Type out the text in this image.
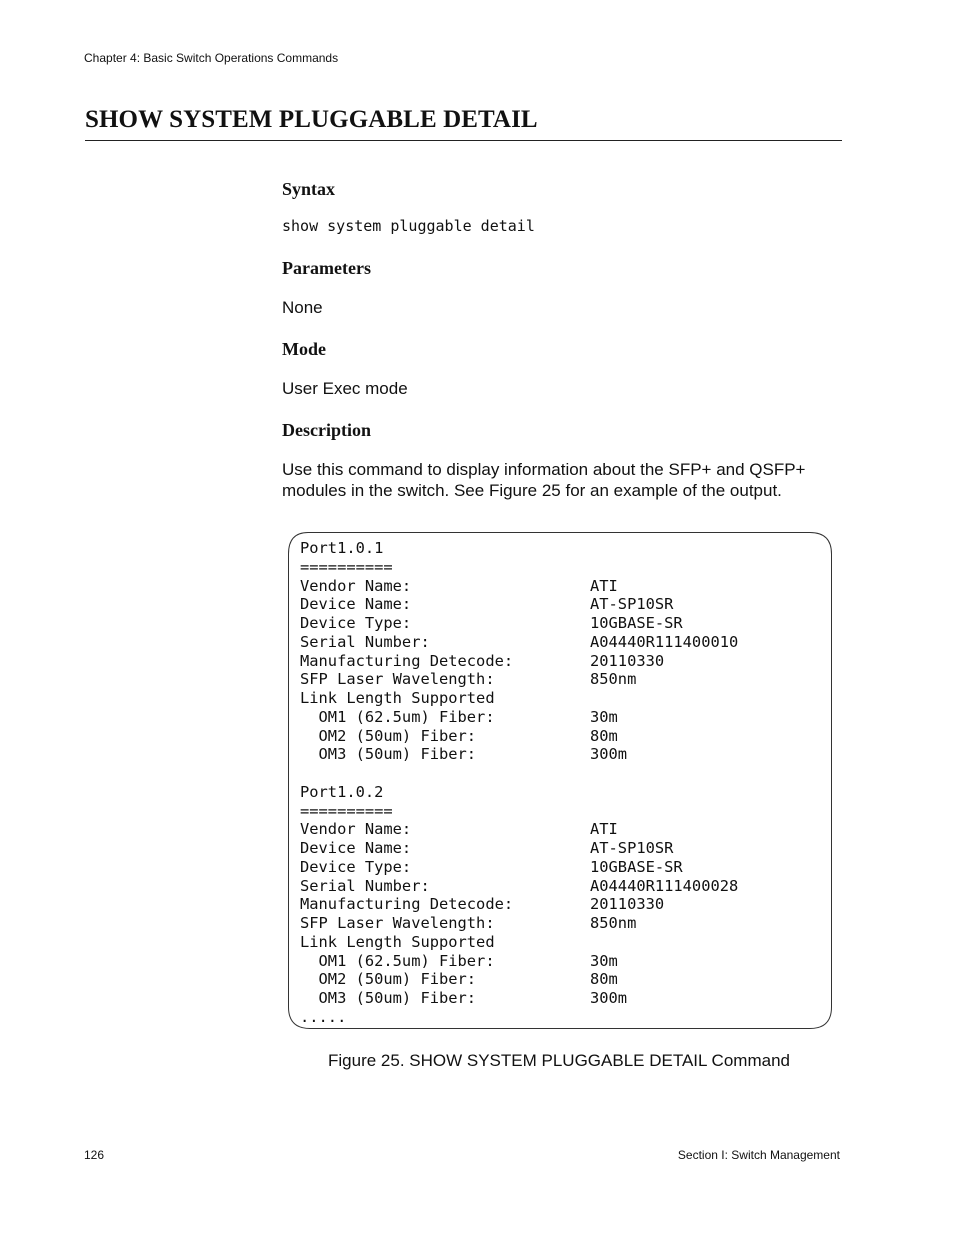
Chapter 4: Basic Switch Operations Commands
SHOW SYSTEM PLUGGABLE DETAIL
Syntax
show system pluggable detail
Parameters
None
Mode
User Exec mode
Description
Use this command to display information about the SFP+ and QSFP+
modules in the switch. See Figure 25 for an example of the output.
Port1.0.1
==========
Vendor Name:	ATI
Device Name:	AT-SP10SR
Device Type:	10GBASE-SR
Serial Number:	A04440R111400010
Manufacturing Detecode:	20110330
SFP Laser Wavelength:	850nm
Link Length Supported
OM1 (62.5um) Fiber:	30m
OM2 (50um) Fiber:	80m
OM3 (50um) Fiber:	300m
Port1.0.2
==========
Vendor Name:	ATI
Device Name:	AT-SP10SR
Device Type:	10GBASE-SR
Serial Number:	A04440R111400028
Manufacturing Detecode:	20110330
SFP Laser Wavelength:	850nm
Link Length Supported
OM1 (62.5um) Fiber:	30m
OM2 (50um) Fiber:	80m
OM3 (50um) Fiber:	300m
.....
Figure 25. SHOW SYSTEM PLUGGABLE DETAIL Command
126	Section I: Switch Management
